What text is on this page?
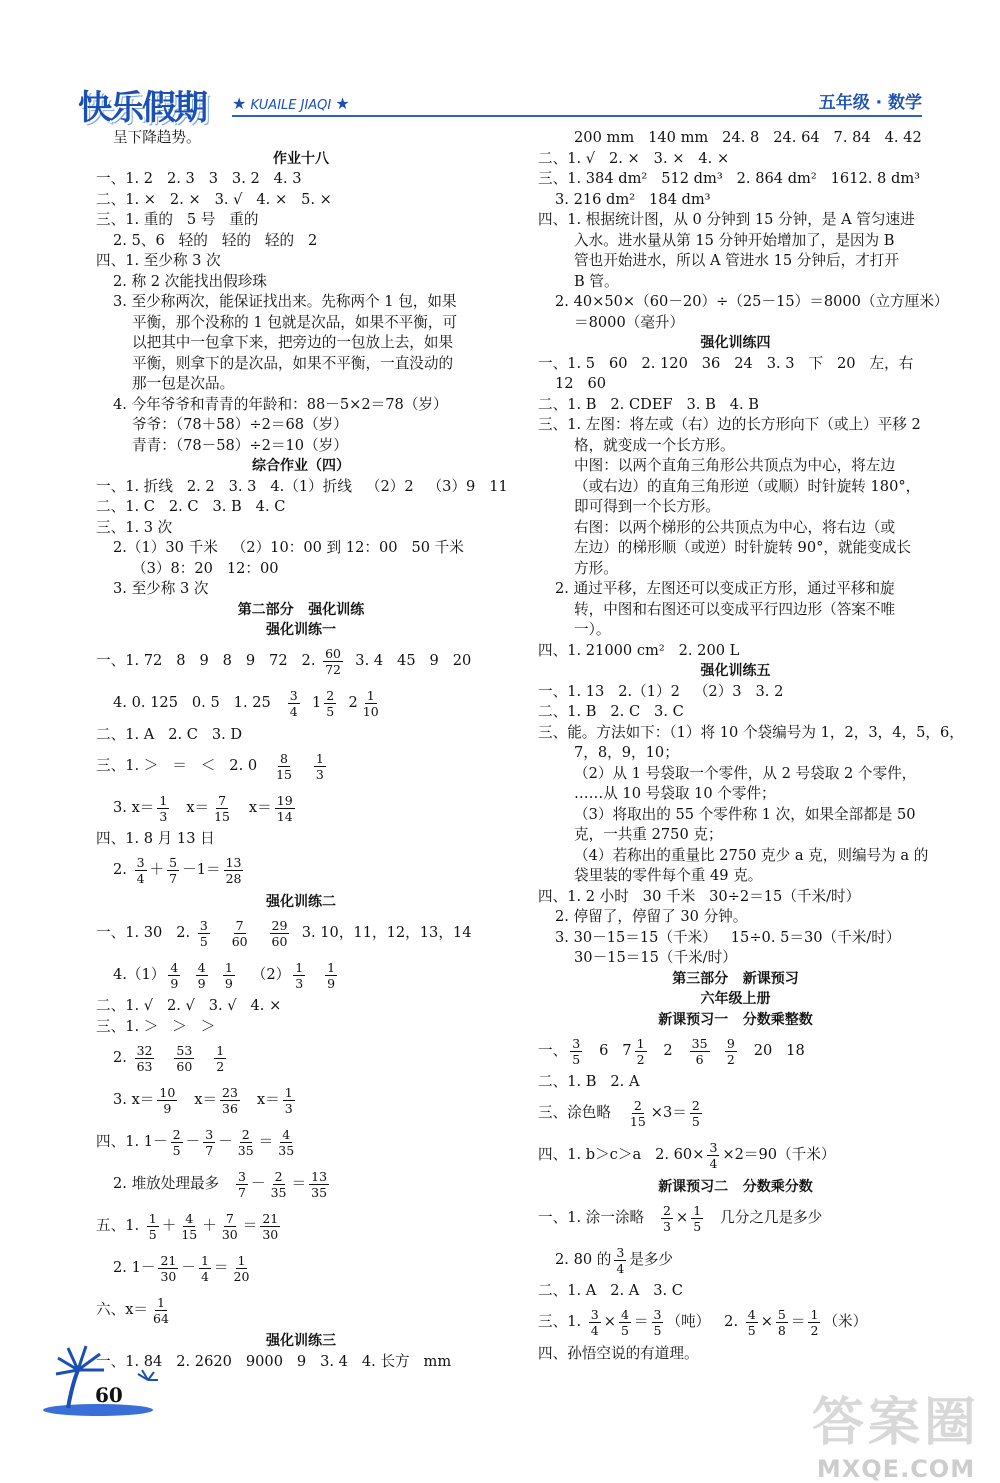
快乐假期 ★ KUAILE JIAQI ★	五年级 · 数学
呈下降趋势。
作业十八
一、1. 2   2. 3   3   3. 2   4. 3
二、1. ×   2. ×   3. √   4. ×   5. ×
三、1. 重的   5 号   重的
2. 5、6   轻的   轻的   轻的   2
四、1. 至少称 3 次
2. 称 2 次能找出假珍珠
3. 至少称两次，能保证找出来。先称两个 1 包，如果
平衡，那个没称的 1 包就是次品，如果不平衡，可
以把其中一包拿下来，把旁边的一包放上去，如果
平衡，则拿下的是次品，如果不平衡，一直没动的
那一包是次品。
4. 今年爷爷和青青的年龄和：88－5×2＝78（岁）
爷爷：（78＋58）÷2＝68（岁）
青青：（78－58）÷2＝10（岁）
综合作业（四）
一、1. 折线   2. 2   3. 3   4.（1）折线   （2）2   （3）9   11
二、1. C   2. C   3. B   4. C
三、1. 3 次
2.（1）30 千米   （2）10：00 到 12：00   50 千米
（3）8：20   12：00
3. 至少称 3 次
第二部分   强化训练
强化训练一
一、1. 72   8   9   8   9   72   2. $\frac{60}{72} 3$. 4   45   9   20
4. 0. 125   0. 5   1. $25 \frac{3}{4} 1 \frac{2}{5} 2 \frac{1}{10}$
二、1. A   2. C   3. D
三、1. ＞   ＝   ＜   2. $0 \frac{8}{15}$
$\frac{1}{3}$
3. $x= \frac{1}{3} x= \frac{7}{15} x= \frac{19}{14}$
四、1. 8 月 13 日
2. $\frac{3}{4} + \frac{5}{7} -1= \frac{13}{28}$
强化训练二
一、1. 30   2. $\frac{3}{5}$
$\frac{7}{60}$
$\frac{29}{60} 3$. 10，11，12，13，14
$4.(1) \frac{4}{9}$
$\frac{4}{9}$
$\frac{1}{9} (2) \frac{1}{3}$
$\frac{1}{9}$
二、1. √   2. √   3. √   4. ×
三、1. ＞   ＞   ＞
2. $\frac{32}{63}$
$\frac{53}{60}$
$\frac{1}{2}$
3. $x= \frac{10}{9} x= \frac{23}{36} x= \frac{1}{3}$
四、1. $1- \frac{2}{5} - \frac{3}{7} - \frac{2}{35} = \frac{4}{35}$
2. 堆放处理最多 $\frac{3}{7} - \frac{2}{35} = \frac{13}{35}$
五、1. $\frac{1}{5} + \frac{4}{15} + \frac{7}{30} = \frac{21}{30}$
2. $1- \frac{21}{30} - \frac{1}{4} = \frac{1}{20}$
六、$x= \frac{1}{64}$
强化训练三
一、1. 84   2. 2620   9000   9   3. 4   4. 长方   mm
200 mm   140 mm   24. 8   24. 64   7. 84   4. 42
二、1. √   2. ×   3. ×   4. ×
三、1. 384 dm²   512 dm³   2. 864 dm²   1612. 8 dm³
3. 216 dm²   184 dm³
四、1. 根据统计图，从 0 分钟到 15 分钟，是 A 管匀速进
入水。进水量从第 15 分钟开始增加了，是因为 B
管也开始进水，所以 A 管进水 15 分钟后，才打开
B 管。
2. 40×50×（60－20）÷（25－15）＝8000（立方厘米）
＝8000（毫升）
强化训练四
一、1. 5   60   2. 120   36   24   3. 3   下   20   左，右
12   60
二、1. B   2. CDEF   3. B   4. B
三、1. 左图：将左或（右）边的长方形向下（或上）平移 2
格，就变成一个长方形。
中图：以两个直角三角形公共顶点为中心，将左边
（或右边）的直角三角形逆（或顺）时针旋转 180°，
即可得到一个长方形。
右图：以两个梯形的公共顶点为中心，将右边（或
左边）的梯形顺（或逆）时针旋转 90°，就能变成长
方形。
2. 通过平移，左图还可以变成正方形，通过平移和旋
转，中图和右图还可以变成平行四边形（答案不唯
一）。
四、1. 21000 cm²   2. 200 L
强化训练五
一、1. 13   2.（1）2   （2）3   3. 2
二、1. B   2. C   3. C
三、能。方法如下：（1）将 10 个袋编号为 1，2，3，4，5，6，
7，8，9，10；
（2）从 1 号袋取一个零件，从 2 号袋取 2 个零件，
……从 10 号袋取 10 个零件；
（3）将取出的 55 个零件称 1 次，如果全部都是 50
克，一共重 2750 克；
（4）若称出的重量比 2750 克少 a 克，则编号为 a 的
袋里装的零件每个重 49 克。
四、1. 2 小时   30 千米   30÷2＝15（千米/时）
2. 停留了，停留了 30 分钟。
3. 30－15＝15（千米）   15÷0. 5＝30（千米/时）
30－15＝15（千米/时）
第三部分   新课预习
六年级上册
新课预习一   分数乘整数
一、 $\frac{3}{5} 6$   $7 \frac{1}{2} 2 \frac{35}{6}$
$\frac{9}{2} 20$   18
二、1. B   2. A
三、涂色略 $\frac{2}{15} \times 3= \frac{2}{5}$
四、1. b＞c＞a   2. $60\times \frac{3}{4} \times 2=90$（千米）
新课预习二   分数乘分数
一、1. 涂一涂略 $\frac{2}{3} \times \frac{1}{5}$ 几分之几是多少
2. 80 的 $\frac{3}{4}$ 是多少
二、1. A   2. A   3. C
三、1. $\frac{3}{4} \times \frac{4}{5} = \frac{3}{5}$ （吨）   2. $\frac{4}{5} \times \frac{5}{8} = \frac{1}{2}$ （米）
四、孙悟空说的有道理。
60	答案圈
MXQE.COM
